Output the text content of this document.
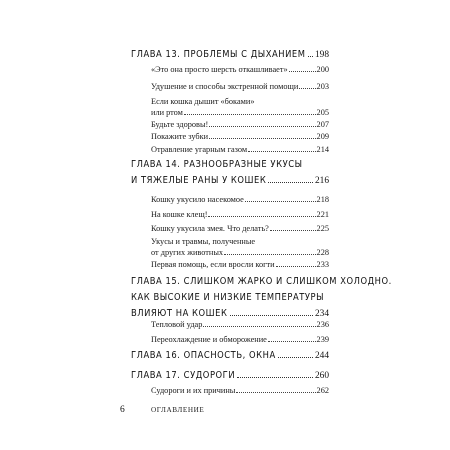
ГЛАВА 13. ПРОБЛЕМЫ С ДЫХАНИЕМ 198
«Это она просто шерсть откашливает»	200
Удушение и способы экстренной помощи 203
Если кошка дышит «боками»
или ртом	205
Будьте здоровы!	207
Покажите зубки	209
Отравление угарным газом	214
ГЛАВА 14. РАЗНООБРАЗНЫЕ УКУСЫ
И ТЯЖЕЛЫЕ РАНЫ У КОШЕК	216
Кошку укусило насекомое	218
На кошке клещ!	221
Кошку укусила змея. Что делать?	225
Укусы и травмы, полученные
от других животных	228
Первая помощь, если вросли когти	233
ГЛАВА 15. СЛИШКОМ ЖАРКО И СЛИШКОМ ХОЛОДНО.
КАК ВЫСОКИЕ И НИЗКИЕ ТЕМПЕРАТУРЫ
ВЛИЯЮТ НА КОШЕК	234
Тепловой удар	236
Переохлаждение и обморожение	239
ГЛАВА 16. ОПАСНОСТЬ, ОКНА	244
ГЛАВА 17. СУДОРОГИ	260
Судороги и их причины	262
6	ОГЛАВЛЕНИЕ
